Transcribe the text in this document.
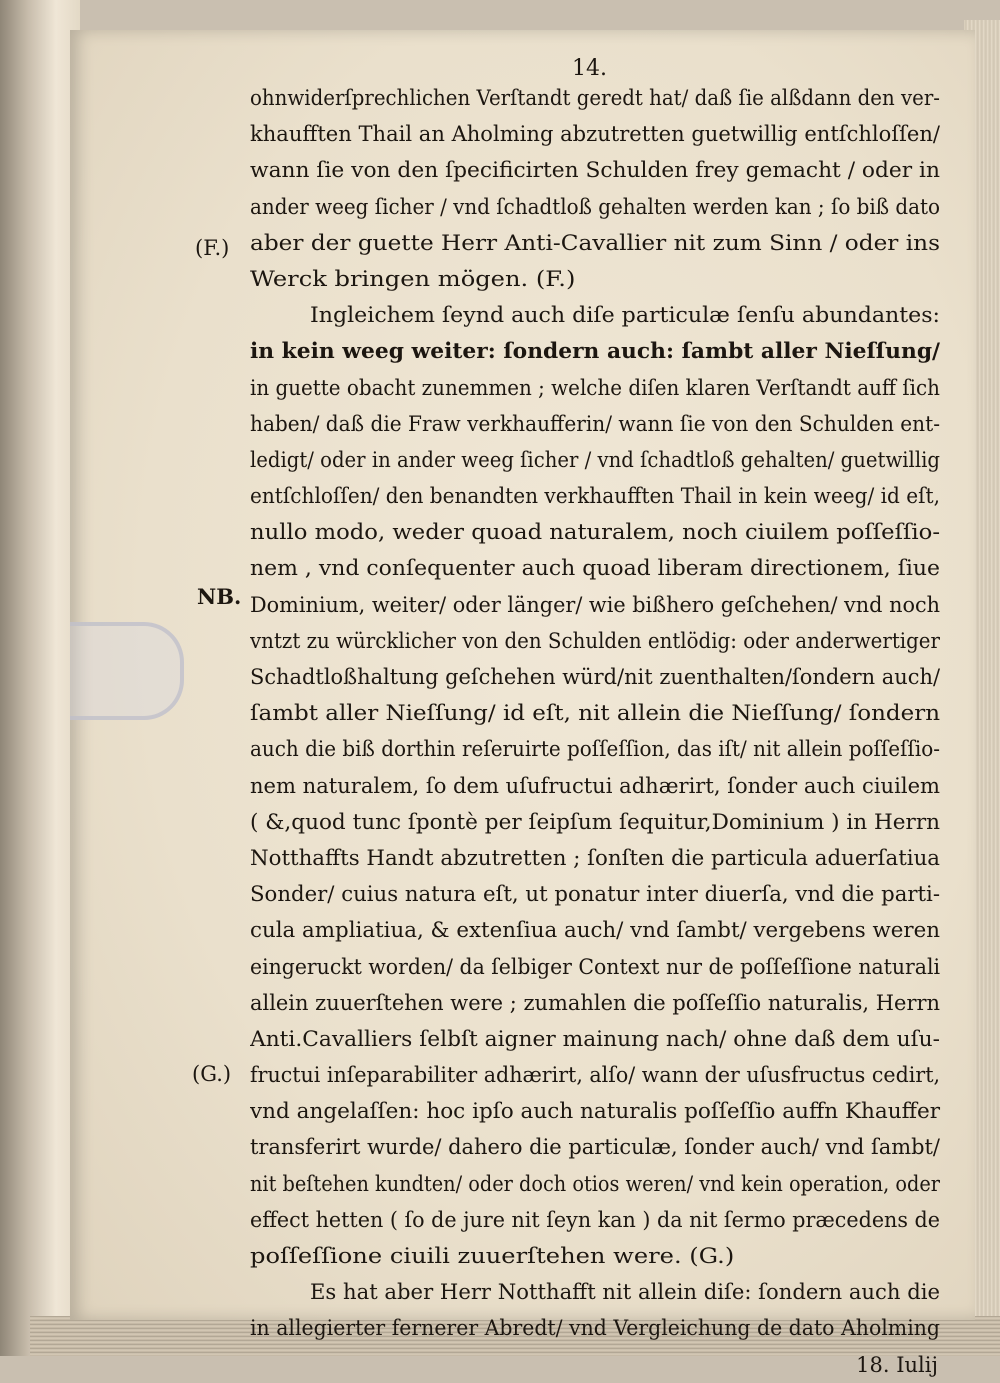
14.
(F.)
NB.
(G.)
ohnwiderſprechlichen Verſtandt geredt hat/ daß ſie alßdann den ver-
khaufften Thail an Aholming abzutretten guetwillig entſchloſſen/
wann ſie von den ſpecificirten Schulden frey gemacht / oder in
ander weeg ſicher / vnd ſchadtloß gehalten werden kan ; ſo biß dato
aber der guette Herr Anti-Cavallier nit zum Sinn / oder ins
Werck bringen mögen. (F.)
Ingleichem ſeynd auch diſe particulæ ſenſu abundantes:
in kein weeg weiter: ſondern auch: ſambt aller Nieſſung/
in guette obacht zunemmen ; welche diſen klaren Verſtandt auff ſich
haben/ daß die Fraw verkhaufferin/ wann ſie von den Schulden ent-
ledigt/ oder in ander weeg ſicher / vnd ſchadtloß gehalten/ guetwillig
entſchloſſen/ den benandten verkhaufften Thail in kein weeg/ id eſt,
nullo modo, weder quoad naturalem, noch ciuilem poſſeſſio-
nem , vnd conſequenter auch quoad liberam directionem, ſiue
Dominium, weiter/ oder länger/ wie bißhero geſchehen/ vnd noch
vntzt zu würcklicher von den Schulden entlödig: oder anderwertiger
Schadtloßhaltung geſchehen würd/nit zuenthalten/ſondern auch/
ſambt aller Nieſſung/ id eſt, nit allein die Nieſſung/ ſondern
auch die biß dorthin reſeruirte poſſeſſion, das iſt/ nit allein poſſeſſio-
nem naturalem, ſo dem uſufructui adhærirt, ſonder auch ciuilem
( &,quod tunc ſpontè per ſeipſum ſequitur,Dominium ) in Herrn
Notthaffts Handt abzutretten ; ſonſten die particula aduerſatiua
Sonder/ cuius natura eſt, ut ponatur inter diuerſa, vnd die parti-
cula ampliatiua, & extenſiua auch/ vnd ſambt/ vergebens weren
eingeruckt worden/ da ſelbiger Context nur de poſſeſſione naturali
allein zuuerſtehen were ; zumahlen die poſſeſſio naturalis, Herrn
Anti.Cavalliers ſelbſt aigner mainung nach/ ohne daß dem uſu-
fructui inſeparabiliter adhærirt, alſo/ wann der uſusfructus cedirt,
vnd angelaſſen: hoc ipſo auch naturalis poſſeſſio auffn Khauffer
transferirt wurde/ dahero die particulæ, ſonder auch/ vnd ſambt/
nit beſtehen kundten/ oder doch otios weren/ vnd kein operation, oder
effect hetten ( ſo de jure nit ſeyn kan ) da nit ſermo præcedens de
poſſeſſione ciuili zuuerſtehen were. (G.)
Es hat aber Herr Notthafft nit allein diſe: ſondern auch die
in allegierter fernerer Abredt/ vnd Vergleichung de dato Aholming
18. Iulij
